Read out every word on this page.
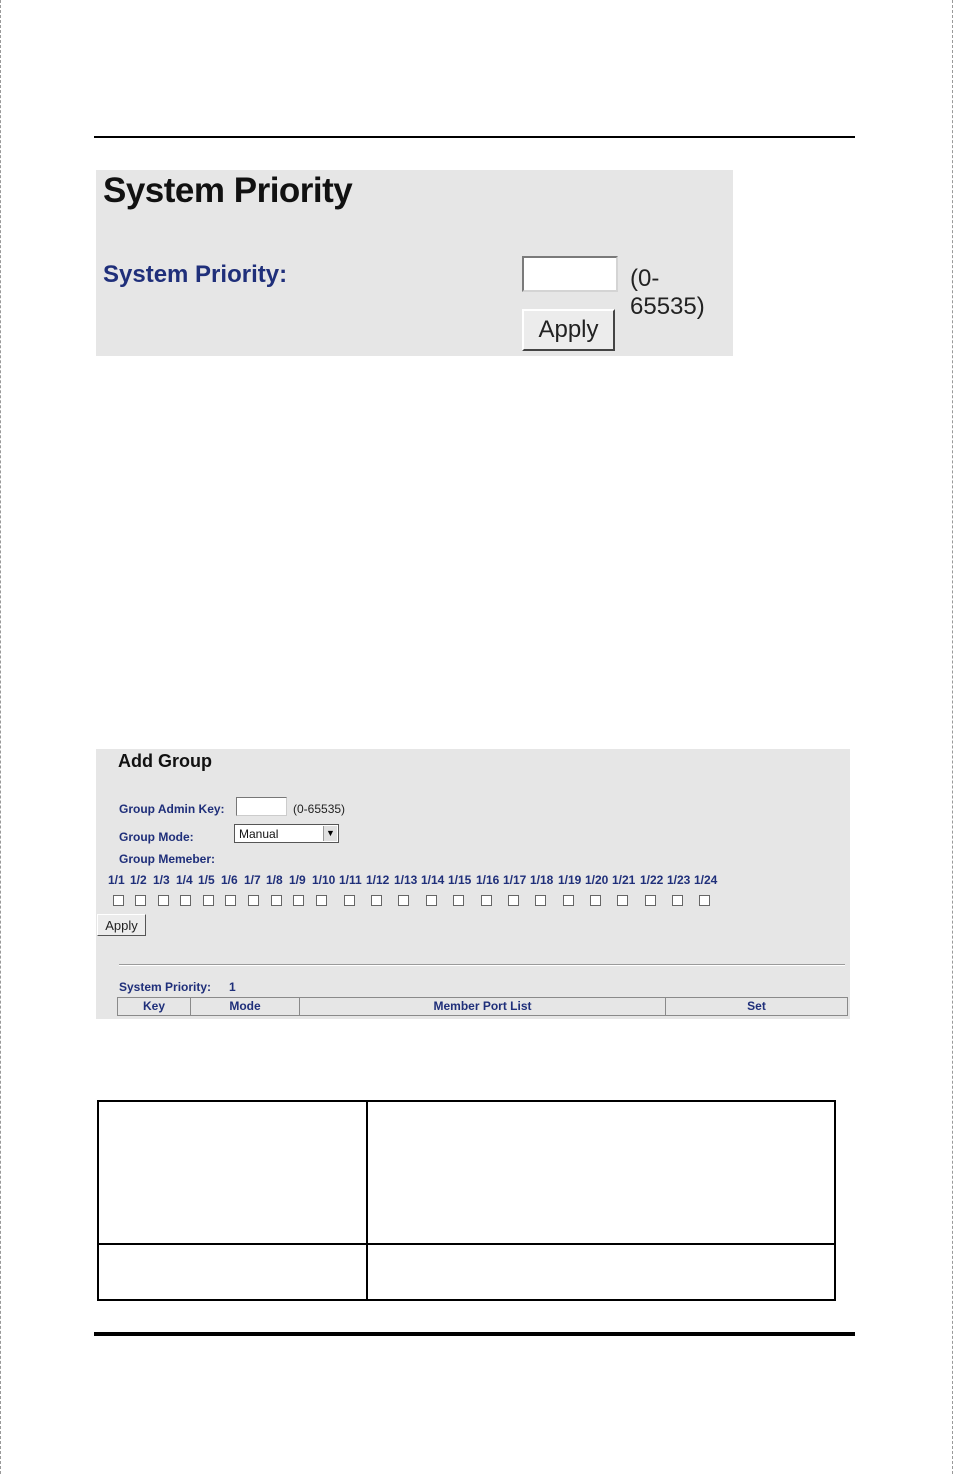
System Priority
System Priority:	(0-65535)
Apply
Add Group
Group Admin Key:	(0-65535)
Group Mode:	Manual	▼
Group Memeber:
1/1 1/2 1/3 1/4 1/5 1/6 1/7 1/8 1/9 1/10 1/11 1/12 1/13 1/14 1/15 1/16 1/17 1/18 1/19 1/20 1/21 1/22 1/23 1/24
Apply
System Priority: 1
Key	Mode	Member Port List	Set
